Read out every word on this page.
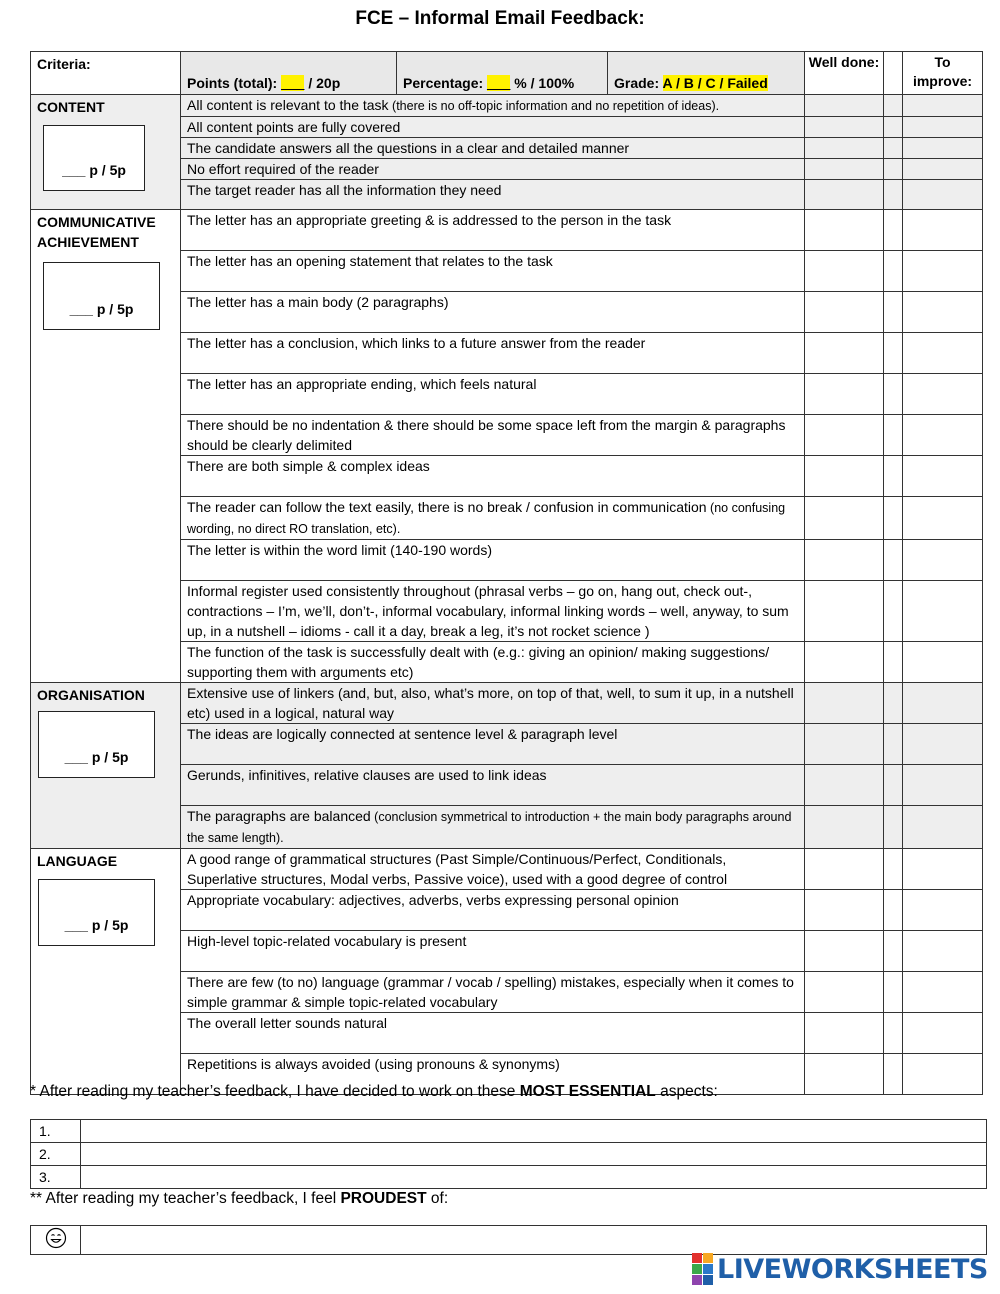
FCE – Informal Email Feedback:
Criteria:	Points (total): ___ / 20p	Percentage: ___ % / 100%	Grade: A / B / C / Failed	Well done:		To improve:

CONTENT
___ p / 5p	All content is relevant to the task (there is no off-topic information and no repetition of ideas).					
	All content points are fully covered					
	The candidate answers all the questions in a clear and detailed manner					
	No effort required of the reader					
	The target reader has all the information they need					

COMMUNICATIVE ACHIEVEMENT
___ p / 5p	The letter has an appropriate greeting & is addressed to the person in the task					
	The letter has an opening statement that relates to the task					
	The letter has a main body (2 paragraphs)					
	The letter has a conclusion, which links to a future answer from the reader					
	The letter has an appropriate ending, which feels natural					
	There should be no indentation & there should be some space left from the margin & paragraphs should be clearly delimited					
	There are both simple & complex ideas					
	The reader can follow the text easily, there is no break / confusion in communication (no confusing wording, no direct RO translation, etc).					
	The letter is within the word limit (140-190 words)					
	Informal register used consistently throughout (phrasal verbs – go on, hang out, check out-, contractions – I’m, we’ll, don’t-, informal vocabulary, informal linking words – well, anyway, to sum up, in a nutshell – idioms - call it a day, break a leg, it’s not rocket science )					
	The function of the task is successfully dealt with (e.g.: giving an opinion/ making suggestions/ supporting them with arguments etc)					

ORGANISATION
___ p / 5p	Extensive use of linkers (and, but, also, what’s more, on top of that, well, to sum it up, in a nutshell etc) used in a logical, natural way					
	The ideas are logically connected at sentence level & paragraph level					
	Gerunds, infinitives, relative clauses are used to link ideas					
	The paragraphs are balanced (conclusion symmetrical to introduction + the main body paragraphs around the same length).					

LANGUAGE
___ p / 5p	A good range of grammatical structures (Past Simple/Continuous/Perfect, Conditionals, Superlative structures, Modal verbs, Passive voice), used with a good degree of control					
	Appropriate vocabulary: adjectives, adverbs, verbs expressing personal opinion					
	High-level topic-related vocabulary is present					
	There are few (to no) language (grammar / vocab / spelling) mistakes, especially when it comes to simple grammar & simple topic-related vocabulary					
	The overall letter sounds natural					
	Repetitions is always avoided (using pronouns & synonyms)					
* After reading my teacher’s feedback, I have decided to work on these MOST ESSENTIAL aspects:
1.	
2.	
3.	
** After reading my teacher’s feedback, I feel PROUDEST of:

LIVEWORKSHEETS
